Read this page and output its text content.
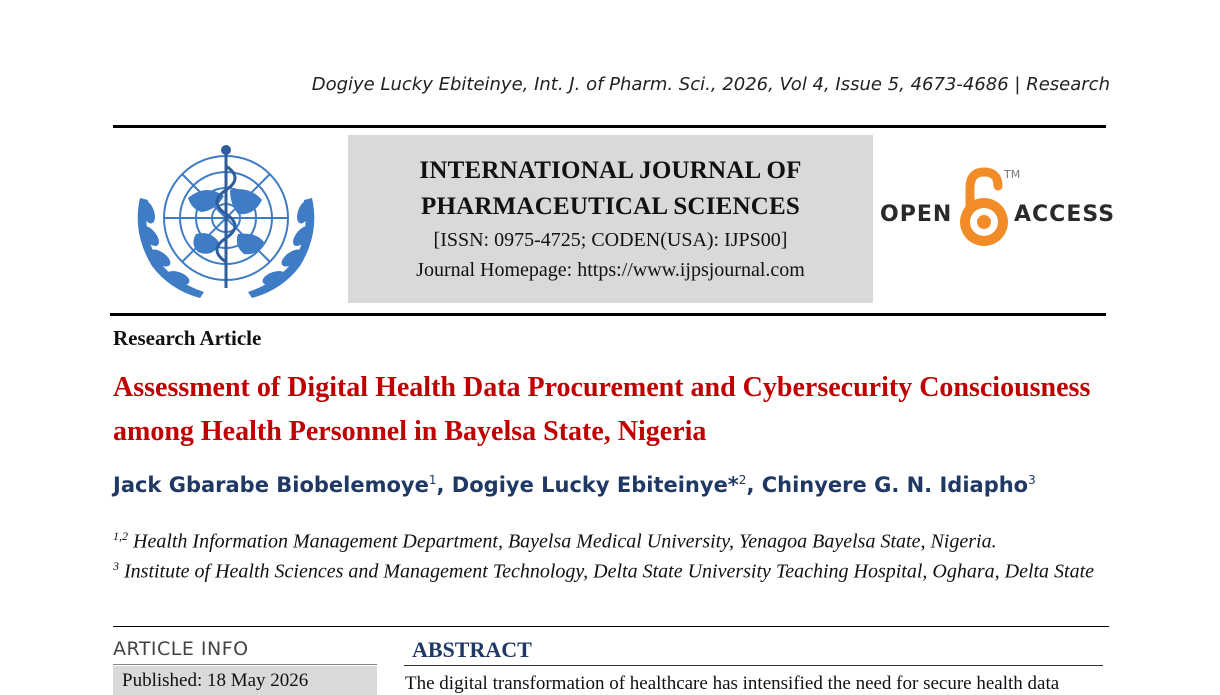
Dogiye Lucky Ebiteinye, Int. J. of Pharm. Sci., 2026, Vol 4, Issue 5, 4673-4686 | Research
INTERNATIONAL JOURNAL OF
PHARMACEUTICAL SCIENCES
[ISSN: 0975-4725; CODEN(USA): IJPS00]
Journal Homepage: https://www.ijpsjournal.com
OPEN
TM
ACCESS
Research Article
Assessment of Digital Health Data Procurement and Cybersecurity Consciousness among Health Personnel in Bayelsa State, Nigeria
Jack Gbarabe Biobelemoye$^1$, Dogiye Lucky Ebiteinye*$^2$, Chinyere G. N. Idiapho$^3$
$^{1,2}$ Health Information Management Department, Bayelsa Medical University, Yenagoa Bayelsa State, Nigeria.
$^3$ Institute of Health Sciences and Management Technology, Delta State University Teaching Hospital, Oghara, Delta State
ARTICLE INFO
Published: 18 May 2026
ABSTRACT
The digital transformation of healthcare has intensified the need for secure health data
